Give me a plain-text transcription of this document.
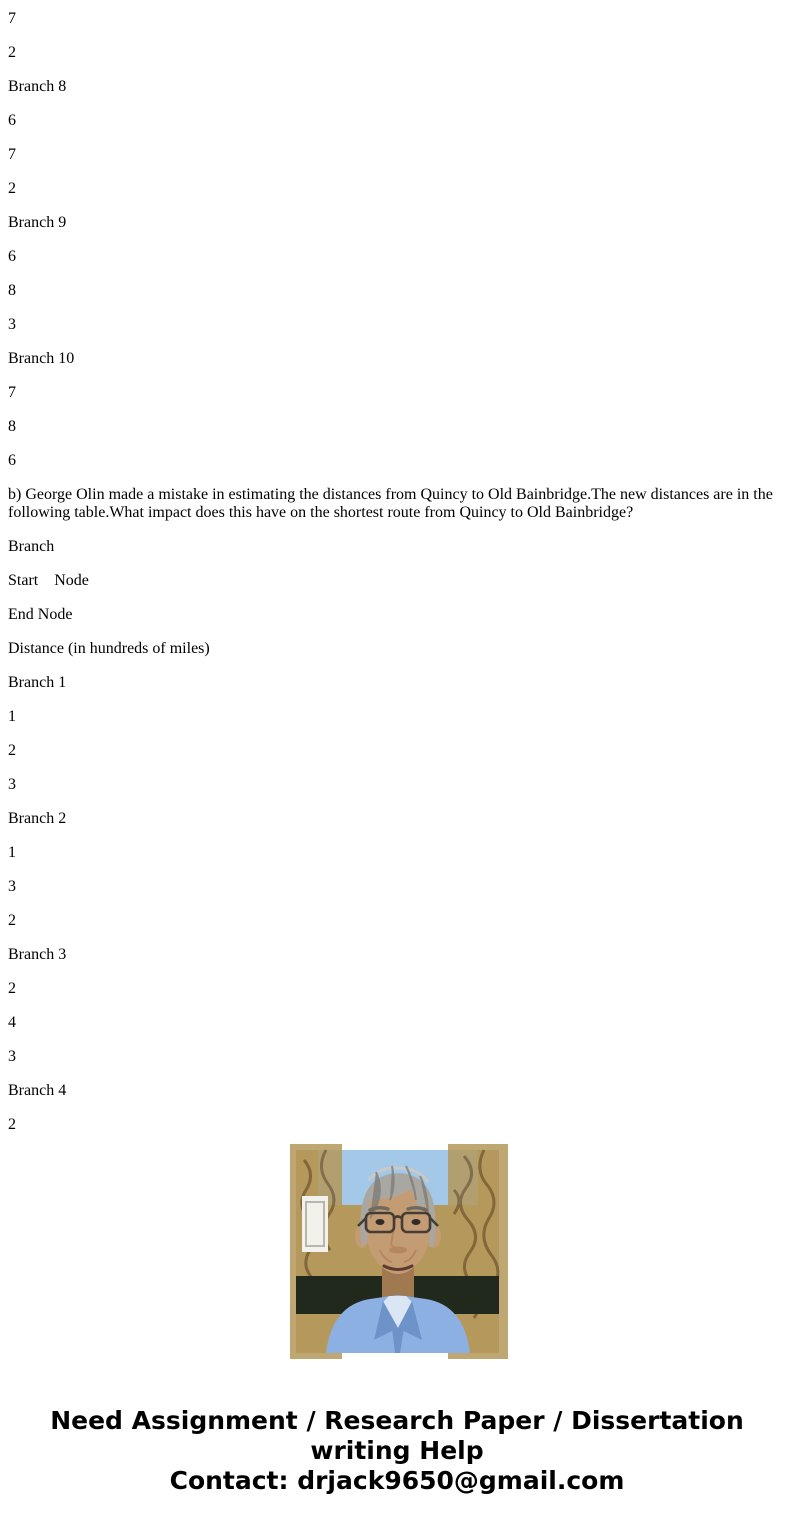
7

2

Branch 8

6

7

2

Branch 9

6

8

3

Branch 10

7

8

6

b) George Olin made a mistake in estimating the distances from Quincy to Old Bainbridge.The new distances are in the following table.What impact does this have on the shortest route from Quincy to Old Bainbridge?

Branch

Start    Node

End Node

Distance (in hundreds of miles)

Branch 1

1

2

3

Branch 2

1

3

2

Branch 3

2

4

3

Branch 4

2

Need Assignment / Research Paper / Dissertation
writing Help
Contact: drjack9650@gmail.com
